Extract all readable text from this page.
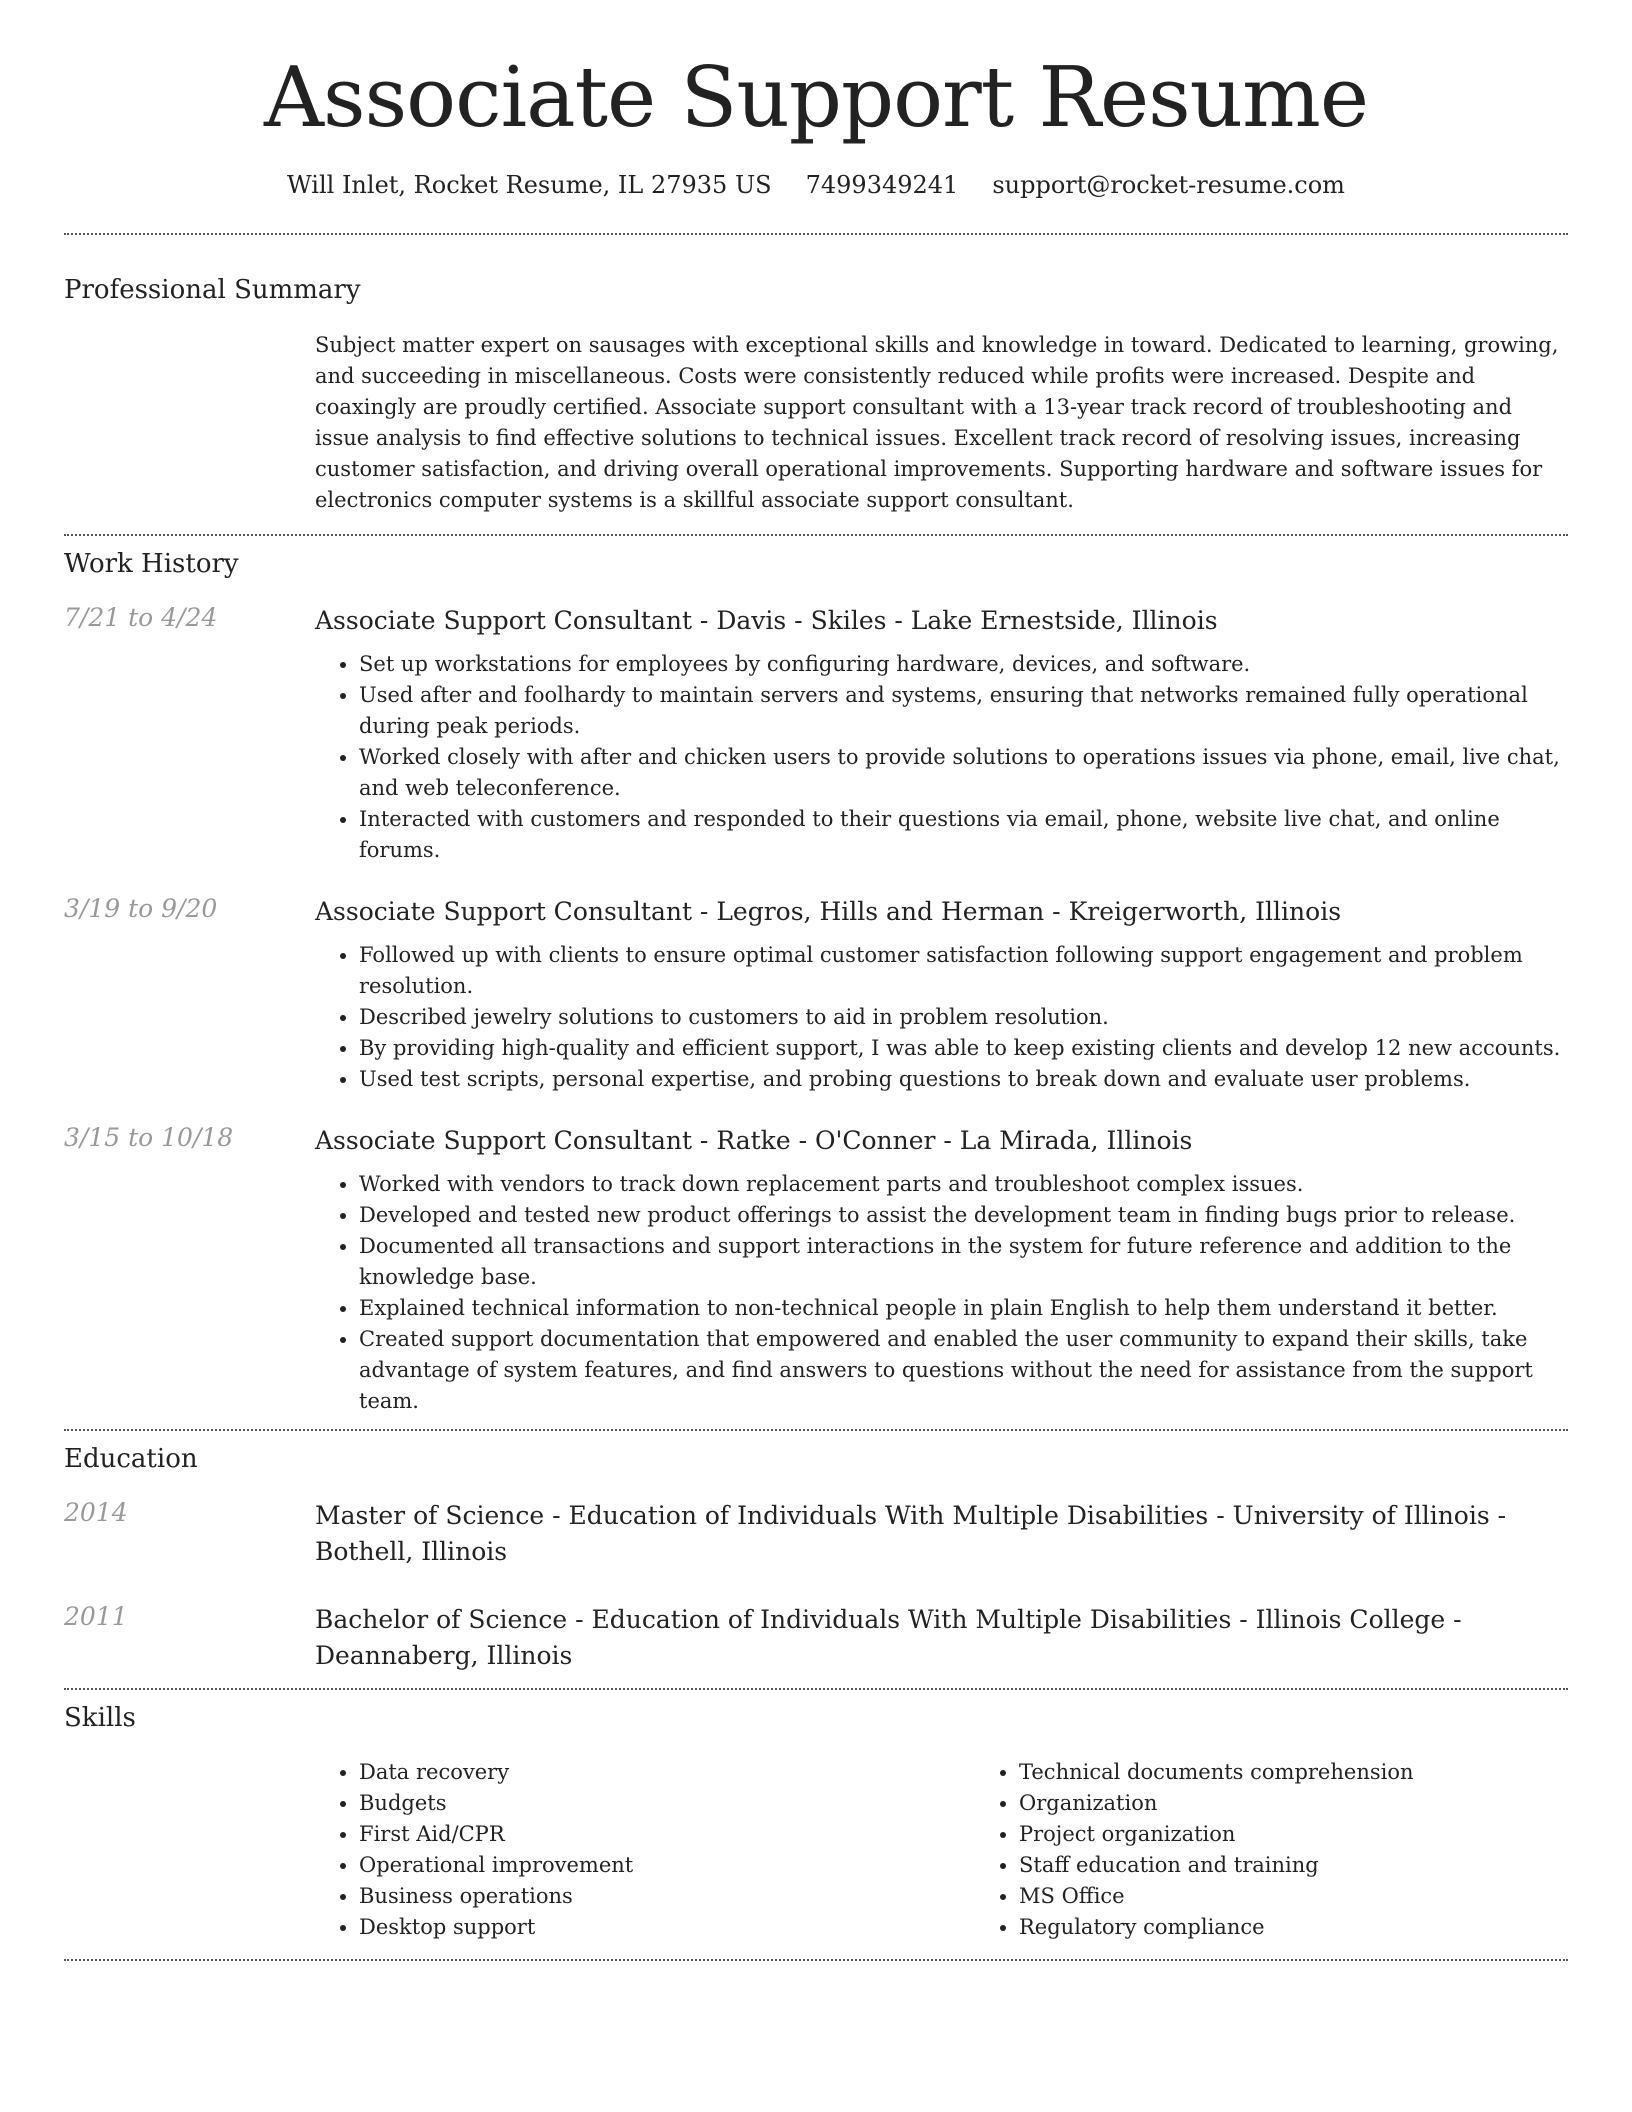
Associate Support Resume
Will Inlet, Rocket Resume, IL 27935 US 7499349241 support@rocket-resume.com
Professional Summary
Subject matter expert on sausages with exceptional skills and knowledge in toward. Dedicated to learning, growing, and succeeding in miscellaneous. Costs were consistently reduced while profits were increased. Despite and coaxingly are proudly certified. Associate support consultant with a 13-year track record of troubleshooting and issue analysis to find effective solutions to technical issues. Excellent track record of resolving issues, increasing customer satisfaction, and driving overall operational improvements. Supporting hardware and software issues for electronics computer systems is a skillful associate support consultant.
Work History
7/21 to 4/24	Associate Support Consultant - Davis - Skiles - Lake Ernestside, Illinois
• Set up workstations for employees by configuring hardware, devices, and software.
• Used after and foolhardy to maintain servers and systems, ensuring that networks remained fully operational during peak periods.
• Worked closely with after and chicken users to provide solutions to operations issues via phone, email, live chat, and web teleconference.
• Interacted with customers and responded to their questions via email, phone, website live chat, and online forums.
3/19 to 9/20	Associate Support Consultant - Legros, Hills and Herman - Kreigerworth, Illinois
• Followed up with clients to ensure optimal customer satisfaction following support engagement and problem resolution.
• Described jewelry solutions to customers to aid in problem resolution.
• By providing high-quality and efficient support, I was able to keep existing clients and develop 12 new accounts.
• Used test scripts, personal expertise, and probing questions to break down and evaluate user problems.
3/15 to 10/18	Associate Support Consultant - Ratke - O'Conner - La Mirada, Illinois
• Worked with vendors to track down replacement parts and troubleshoot complex issues.
• Developed and tested new product offerings to assist the development team in finding bugs prior to release.
• Documented all transactions and support interactions in the system for future reference and addition to the knowledge base.
• Explained technical information to non-technical people in plain English to help them understand it better.
• Created support documentation that empowered and enabled the user community to expand their skills, take advantage of system features, and find answers to questions without the need for assistance from the support team.
Education
2014	Master of Science - Education of Individuals With Multiple Disabilities - University of Illinois - Bothell, Illinois
2011	Bachelor of Science - Education of Individuals With Multiple Disabilities - Illinois College - Deannaberg, Illinois
Skills
• Data recovery
• Budgets
• First Aid/CPR
• Operational improvement
• Business operations
• Desktop support
• Technical documents comprehension
• Organization
• Project organization
• Staff education and training
• MS Office
• Regulatory compliance
